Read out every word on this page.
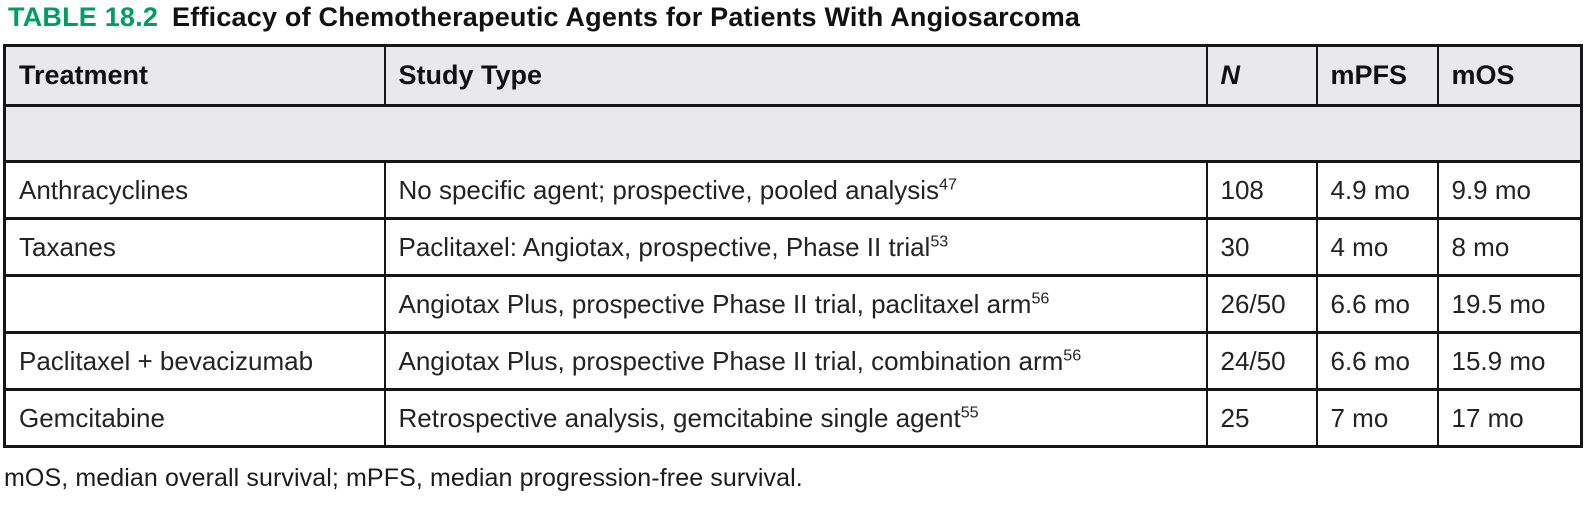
TABLE 18.2 Efficacy of Chemotherapeutic Agents for Patients With Angiosarcoma

Treatment	Study Type	N	mPFS	mOS
Anthracyclines	No specific agent; prospective, pooled analysis$^{47}$	108	4.9 mo	9.9 mo
Taxanes	Paclitaxel: Angiotax, prospective, Phase II trial$^{53}$	30	4 mo	8 mo
	Angiotax Plus, prospective Phase II trial, paclitaxel arm$^{56}$	26/50	6.6 mo	19.5 mo
Paclitaxel + bevacizumab	Angiotax Plus, prospective Phase II trial, combination arm$^{56}$	24/50	6.6 mo	15.9 mo
Gemcitabine	Retrospective analysis, gemcitabine single agent$^{55}$	25	7 mo	17 mo
mOS, median overall survival; mPFS, median progression-free survival.
